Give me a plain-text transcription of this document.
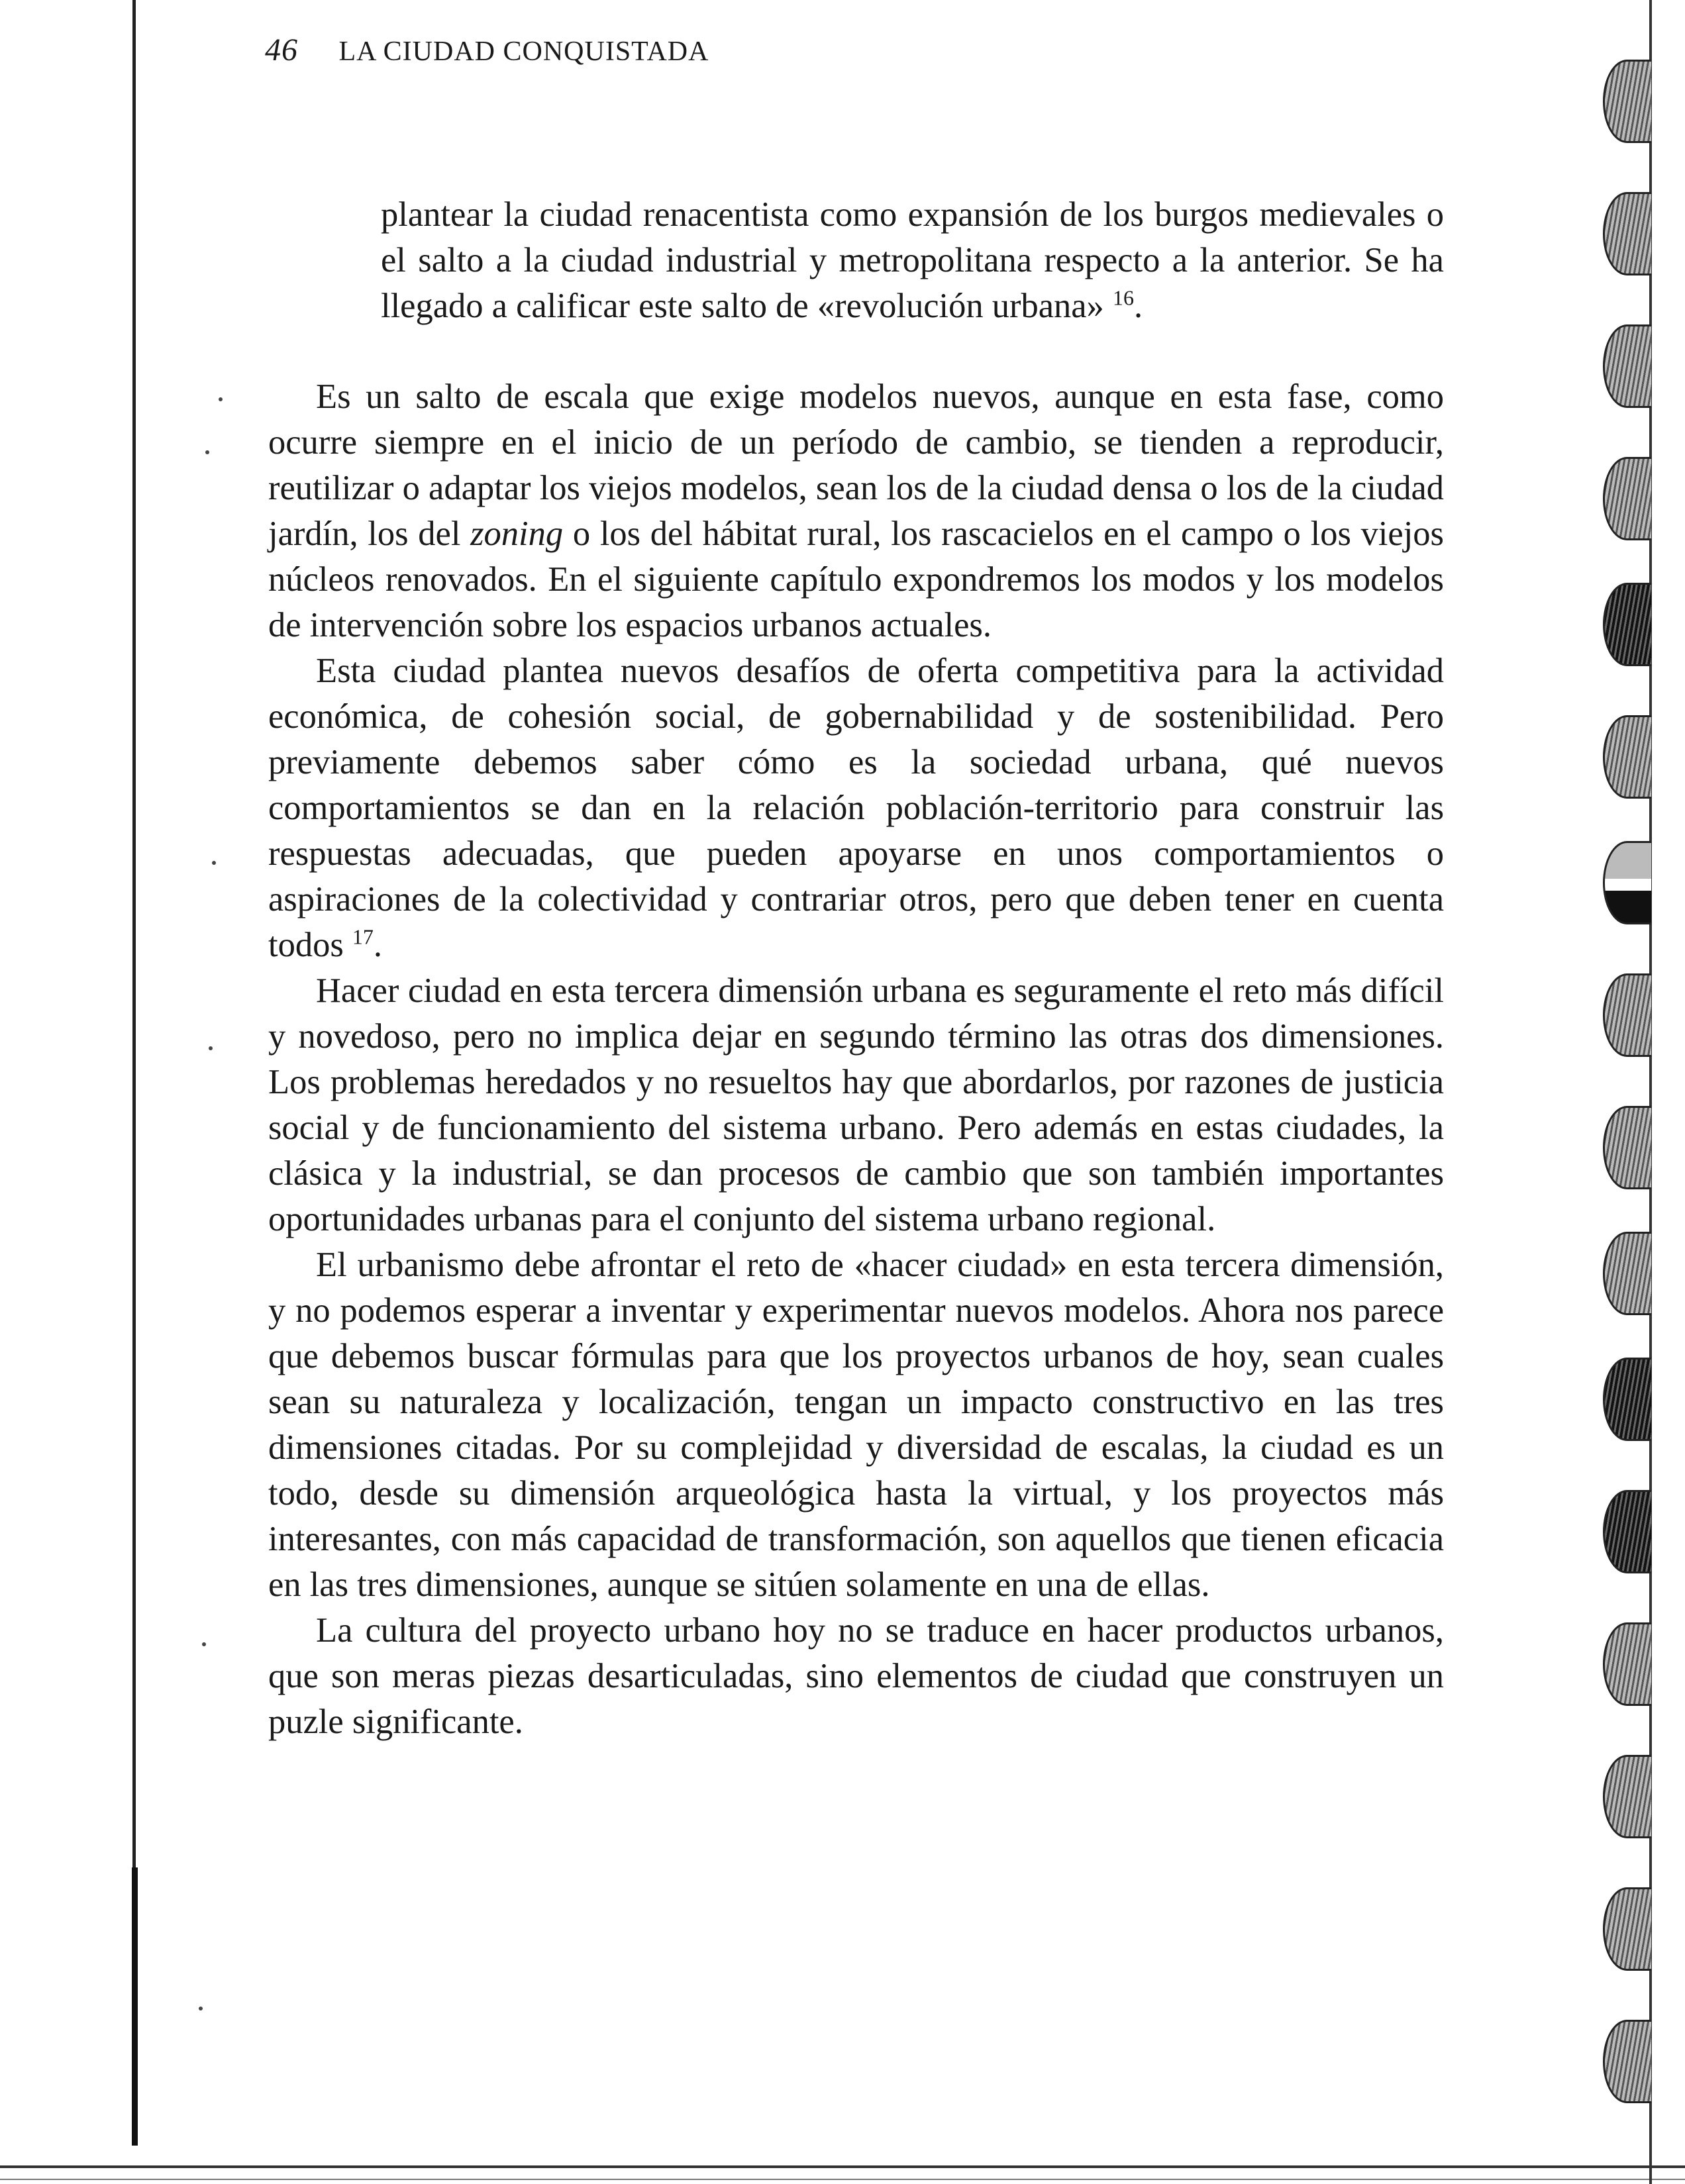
46 LA CIUDAD CONQUISTADA

plantear la ciudad renacentista como expansión de los burgos medievales o el salto a la ciudad industrial y metropolitana respecto a la anterior. Se ha llegado a calificar este salto de «revolución urbana» $^{16}$.

Es un salto de escala que exige modelos nuevos, aunque en esta fase, como ocurre siempre en el inicio de un período de cambio, se tienden a reproducir, reutilizar o adaptar los viejos modelos, sean los de la ciudad densa o los de la ciudad jardín, los del zoning o los del hábitat rural, los rascacielos en el campo o los viejos núcleos renovados. En el siguiente capítulo expondremos los modos y los modelos de intervención sobre los espacios urbanos actuales.

Esta ciudad plantea nuevos desafíos de oferta competitiva para la actividad económica, de cohesión social, de gobernabilidad y de sostenibilidad. Pero previamente debemos saber cómo es la sociedad urbana, qué nuevos comportamientos se dan en la relación población-territorio para construir las respuestas adecuadas, que pueden apoyarse en unos comportamientos o aspiraciones de la colectividad y contrariar otros, pero que deben tener en cuenta todos $^{17}$.

Hacer ciudad en esta tercera dimensión urbana es seguramente el reto más difícil y novedoso, pero no implica dejar en segundo término las otras dos dimensiones. Los problemas heredados y no resueltos hay que abordarlos, por razones de justicia social y de funcionamiento del sistema urbano. Pero además en estas ciudades, la clásica y la industrial, se dan procesos de cambio que son también importantes oportunidades urbanas para el conjunto del sistema urbano regional.

El urbanismo debe afrontar el reto de «hacer ciudad» en esta tercera dimensión, y no podemos esperar a inventar y experimentar nuevos modelos. Ahora nos parece que debemos buscar fórmulas para que los proyectos urbanos de hoy, sean cuales sean su naturaleza y localización, tengan un impacto constructivo en las tres dimensiones citadas. Por su complejidad y diversidad de escalas, la ciudad es un todo, desde su dimensión arqueológica hasta la virtual, y los proyectos más interesantes, con más capacidad de transformación, son aquellos que tienen eficacia en las tres dimensiones, aunque se sitúen solamente en una de ellas.

La cultura del proyecto urbano hoy no se traduce en hacer productos urbanos, que son meras piezas desarticuladas, sino elementos de ciudad que construyen un puzle significante.
